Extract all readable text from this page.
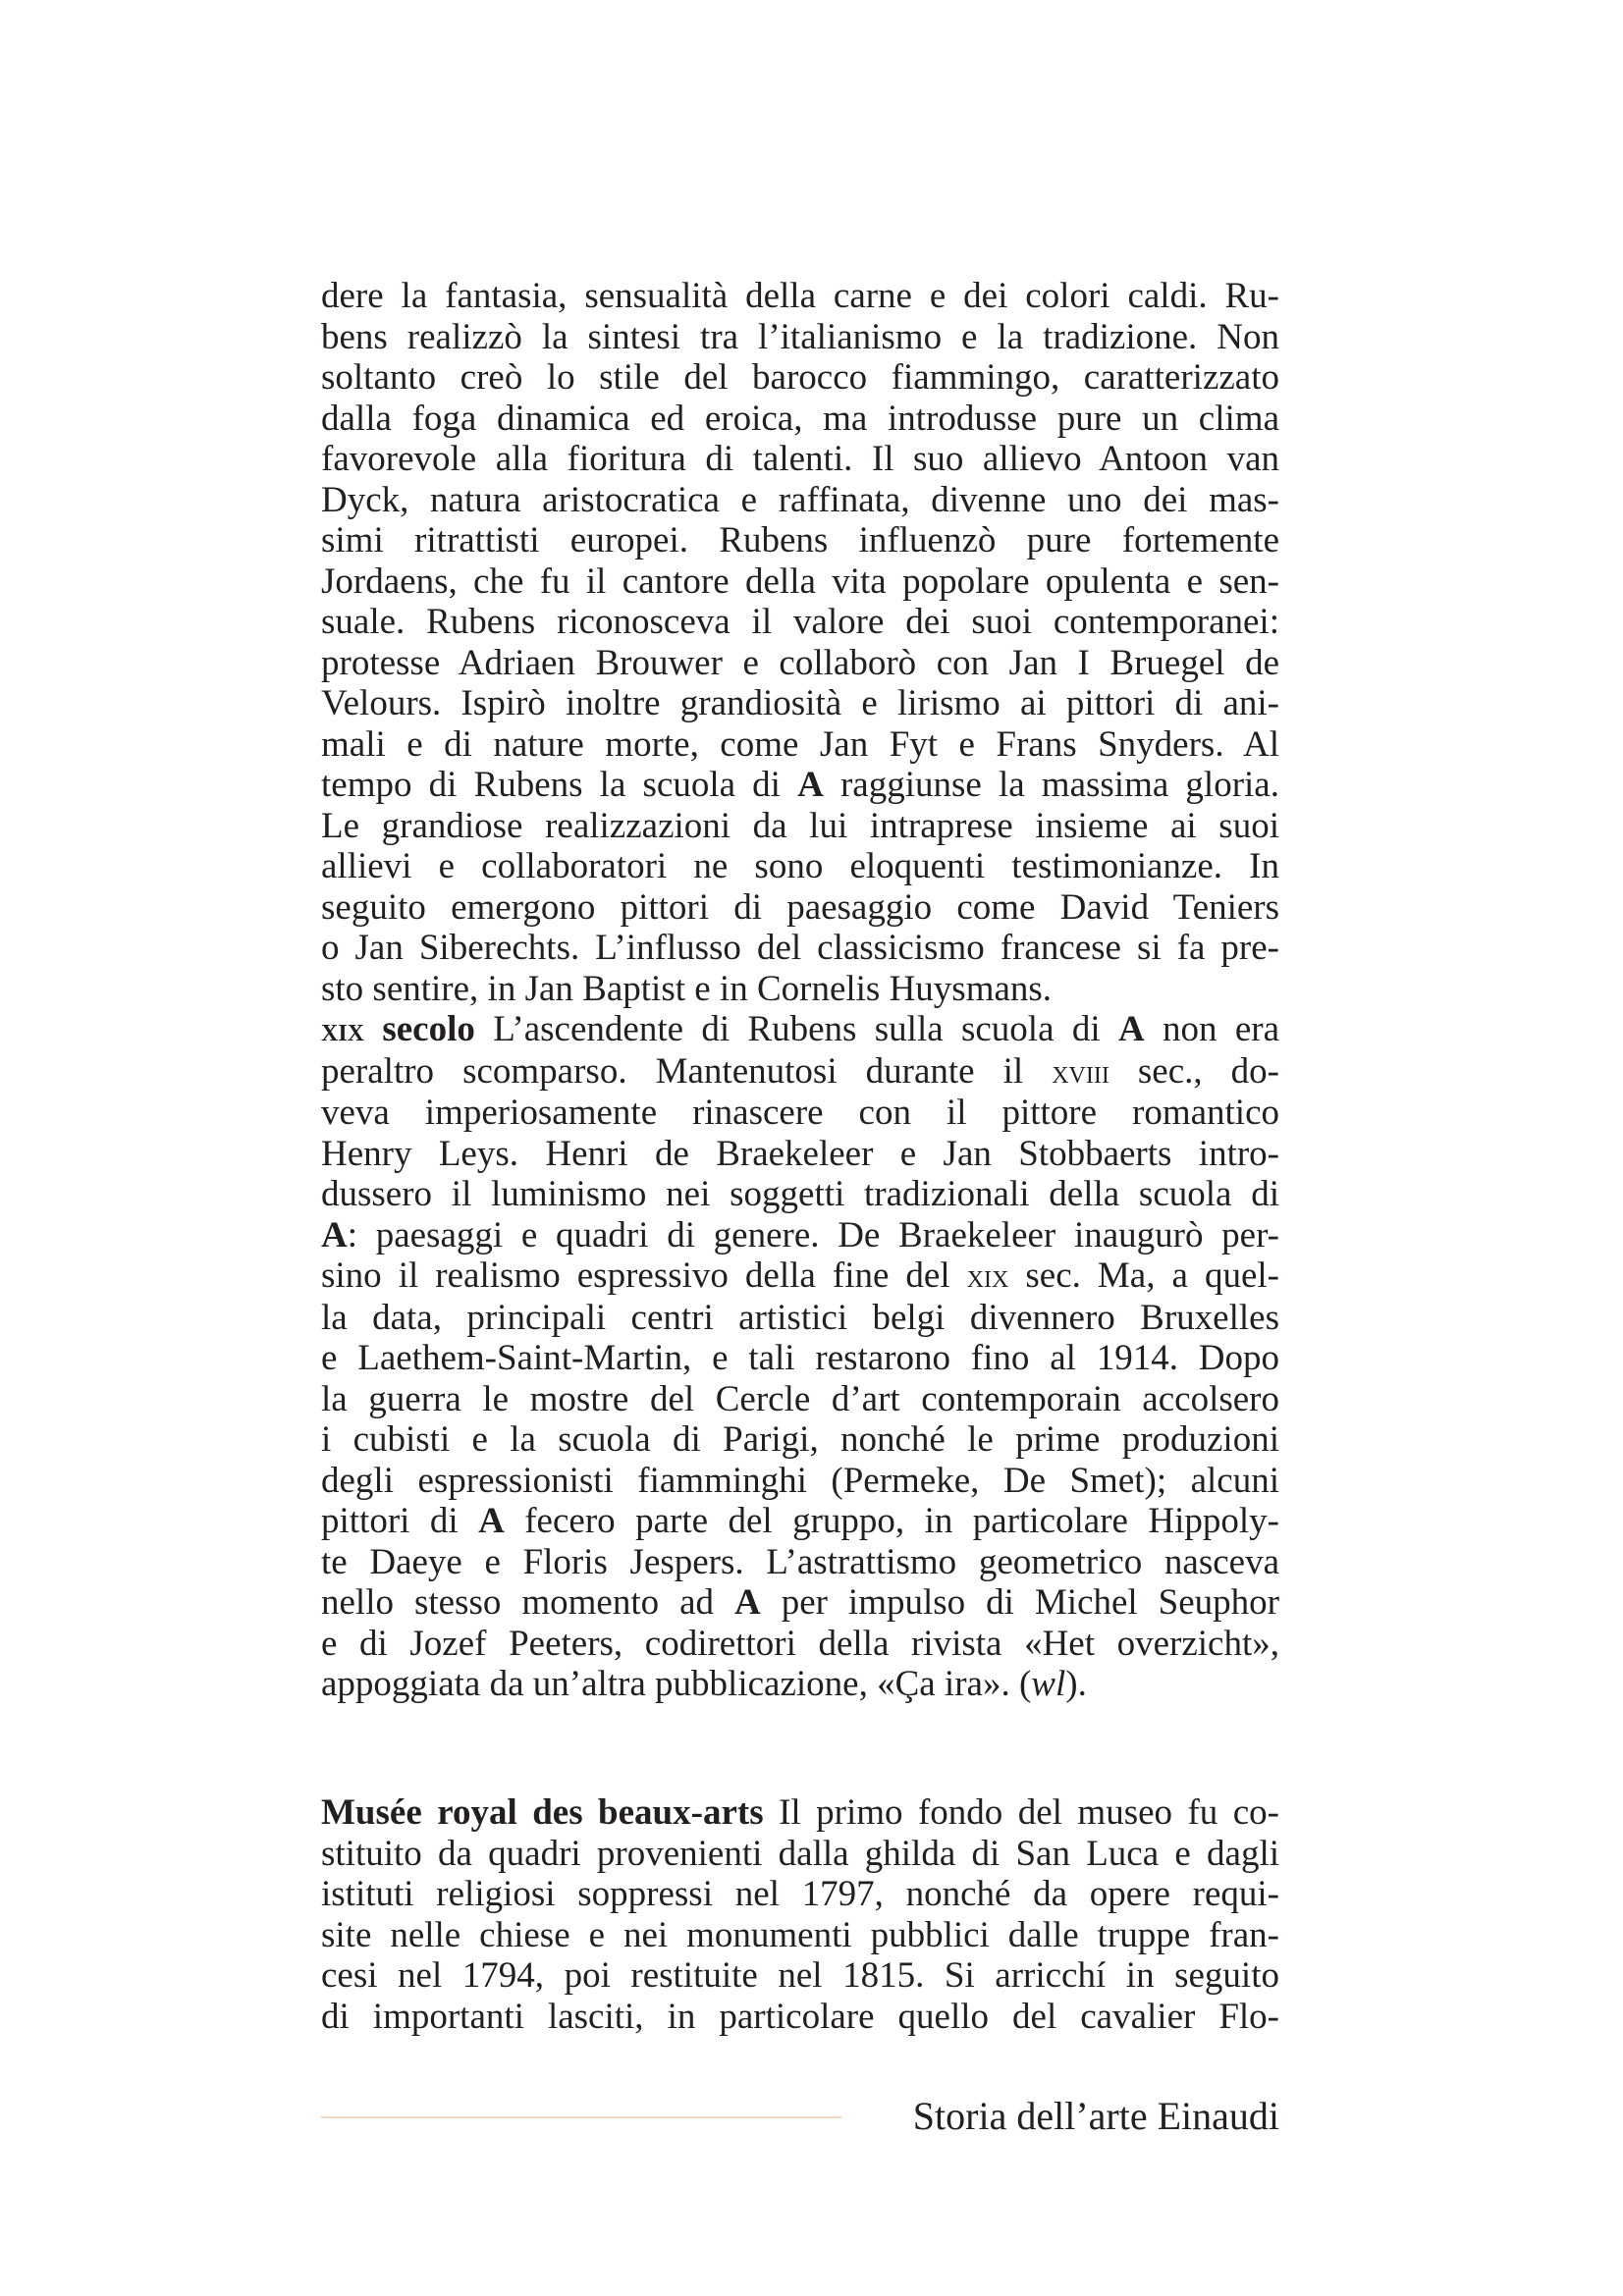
dere la fantasia, sensualità della carne e dei colori caldi. Ru-
bens realizzò la sintesi tra l’italianismo e la tradizione. Non
soltanto creò lo stile del barocco fiammingo, caratterizzato
dalla foga dinamica ed eroica, ma introdusse pure un clima
favorevole alla fioritura di talenti. Il suo allievo Antoon van
Dyck, natura aristocratica e raffinata, divenne uno dei mas-
simi ritrattisti europei. Rubens influenzò pure fortemente
Jordaens, che fu il cantore della vita popolare opulenta e sen-
suale. Rubens riconosceva il valore dei suoi contemporanei:
protesse Adriaen Brouwer e collaborò con Jan I Bruegel de
Velours. Ispirò inoltre grandiosità e lirismo ai pittori di ani-
mali e di nature morte, come Jan Fyt e Frans Snyders. Al
tempo di Rubens la scuola di A raggiunse la massima gloria.
Le grandiose realizzazioni da lui intraprese insieme ai suoi
allievi e collaboratori ne sono eloquenti testimonianze. In
seguito emergono pittori di paesaggio come David Teniers
o Jan Siberechts. L’influsso del classicismo francese si fa pre-
sto sentire, in Jan Baptist e in Cornelis Huysmans.
xix secolo L’ascendente di Rubens sulla scuola di A non era
peraltro scomparso. Mantenutosi durante il xviii sec., do-
veva imperiosamente rinascere con il pittore romantico
Henry Leys. Henri de Braekeleer e Jan Stobbaerts intro-
dussero il luminismo nei soggetti tradizionali della scuola di
A: paesaggi e quadri di genere. De Braekeleer inaugurò per-
sino il realismo espressivo della fine del xix sec. Ma, a quel-
la data, principali centri artistici belgi divennero Bruxelles
e Laethem-Saint-Martin, e tali restarono fino al 1914. Dopo
la guerra le mostre del Cercle d’art contemporain accolsero
i cubisti e la scuola di Parigi, nonché le prime produzioni
degli espressionisti fiamminghi (Permeke, De Smet); alcuni
pittori di A fecero parte del gruppo, in particolare Hippoly-
te Daeye e Floris Jespers. L’astrattismo geometrico nasceva
nello stesso momento ad A per impulso di Michel Seuphor
e di Jozef Peeters, codirettori della rivista «Het overzicht»,
appoggiata da un’altra pubblicazione, «Ça ira». (wl).
Musée royal des beaux-arts Il primo fondo del museo fu co-
stituito da quadri provenienti dalla ghilda di San Luca e dagli
istituti religiosi soppressi nel 1797, nonché da opere requi-
site nelle chiese e nei monumenti pubblici dalle truppe fran-
cesi nel 1794, poi restituite nel 1815. Si arricchí in seguito
di importanti lasciti, in particolare quello del cavalier Flo-
Storia dell’arte Einaudi
